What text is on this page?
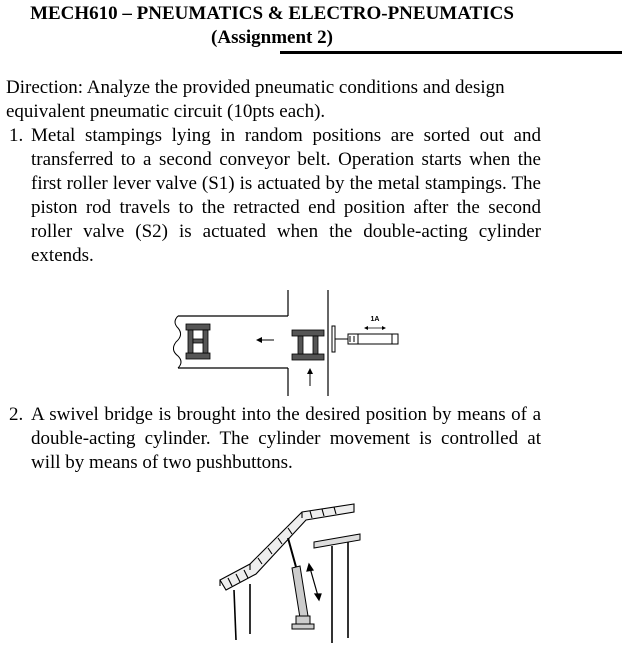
MECH610 – PNEUMATICS & ELECTRO-PNEUMATICS
(Assignment 2)
Direction: Analyze the provided pneumatic conditions and design equivalent pneumatic circuit (10pts each).
1. Metal stampings lying in random positions are sorted out and transferred to a second conveyor belt. Operation starts when the first roller lever valve (S1) is actuated by the metal stampings. The piston rod travels to the retracted end position after the second roller valve (S2) is actuated when the double-acting cylinder extends.
1A
2. A swivel bridge is brought into the desired position by means of a double-acting cylinder. The cylinder movement is controlled at will by means of two pushbuttons.
